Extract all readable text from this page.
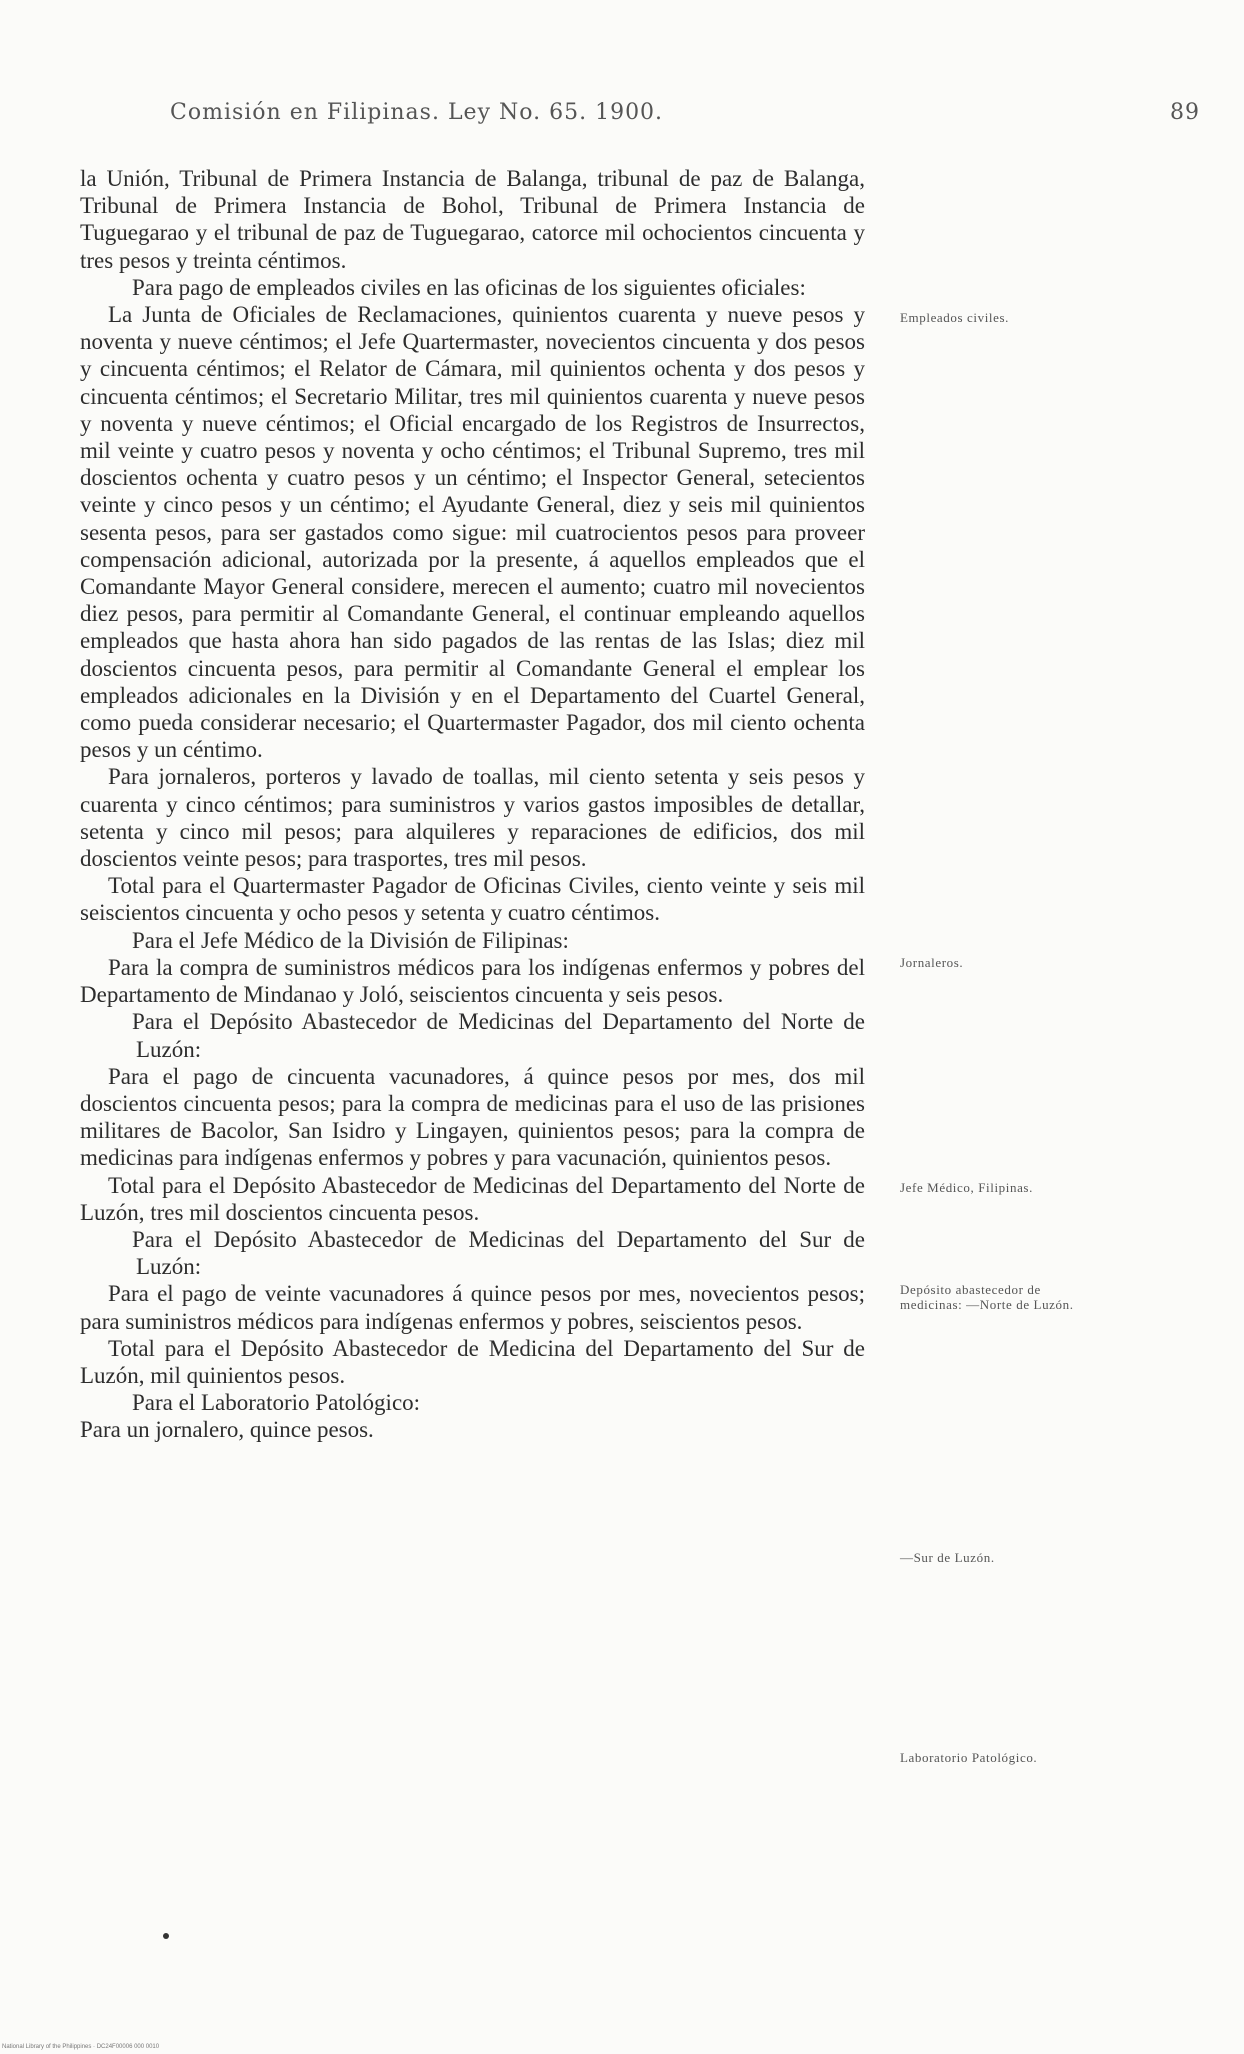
Comisión en Filipinas. Ley No. 65. 1900.	89

la Unión, Tribunal de Primera Instancia de Balanga, tribunal de paz de Balanga, Tribunal de Primera Instancia de Bohol, Tribunal de Primera Instancia de Tuguegarao y el tribunal de paz de Tuguegarao, catorce mil ochocientos cincuenta y tres pesos y treinta céntimos.

Para pago de empleados civiles en las oficinas de los siguientes oficiales:

La Junta de Oficiales de Reclamaciones, quinientos cuarenta y nueve pesos y noventa y nueve céntimos; el Jefe Quartermaster, novecientos cincuenta y dos pesos y cincuenta céntimos; el Relator de Cámara, mil quinientos ochenta y dos pesos y cincuenta céntimos; el Secretario Militar, tres mil quinientos cuarenta y nueve pesos y noventa y nueve céntimos; el Oficial encargado de los Registros de Insurrectos, mil veinte y cuatro pesos y noventa y ocho céntimos; el Tribunal Supremo, tres mil doscientos ochenta y cuatro pesos y un céntimo; el Inspector General, setecientos veinte y cinco pesos y un céntimo; el Ayudante General, diez y seis mil quinientos sesenta pesos, para ser gastados como sigue: mil cuatrocientos pesos para proveer compensación adicional, autorizada por la presente, á aquellos empleados que el Comandante Mayor General considere, merecen el aumento; cuatro mil novecientos diez pesos, para permitir al Comandante General, el continuar empleando aquellos empleados que hasta ahora han sido pagados de las rentas de las Islas; diez mil doscientos cincuenta pesos, para permitir al Comandante General el emplear los empleados adicionales en la División y en el Departamento del Cuartel General, como pueda considerar necesario; el Quartermaster Pagador, dos mil ciento ochenta pesos y un céntimo.

Para jornaleros, porteros y lavado de toallas, mil ciento setenta y seis pesos y cuarenta y cinco céntimos; para suministros y varios gastos imposibles de detallar, setenta y cinco mil pesos; para alquileres y reparaciones de edificios, dos mil doscientos veinte pesos; para trasportes, tres mil pesos.

Total para el Quartermaster Pagador de Oficinas Civiles, ciento veinte y seis mil seiscientos cincuenta y ocho pesos y setenta y cuatro céntimos.

Para el Jefe Médico de la División de Filipinas:

Para la compra de suministros médicos para los indígenas enfermos y pobres del Departamento de Mindanao y Joló, seiscientos cincuenta y seis pesos.

Para el Depósito Abastecedor de Medicinas del Departamento del Norte de Luzón:

Para el pago de cincuenta vacunadores, á quince pesos por mes, dos mil doscientos cincuenta pesos; para la compra de medicinas para el uso de las prisiones militares de Bacolor, San Isidro y Lingayen, quinientos pesos; para la compra de medicinas para indígenas enfermos y pobres y para vacunación, quinientos pesos.

Total para el Depósito Abastecedor de Medicinas del Departamento del Norte de Luzón, tres mil doscientos cincuenta pesos.

Para el Depósito Abastecedor de Medicinas del Departamento del Sur de Luzón:

Para el pago de veinte vacunadores á quince pesos por mes, novecientos pesos; para suministros médicos para indígenas enfermos y pobres, seiscientos pesos.

Total para el Depósito Abastecedor de Medicina del Departamento del Sur de Luzón, mil quinientos pesos.

Para el Laboratorio Patológico:

Para un jornalero, quince pesos.

Empleados civiles.
Jornaleros.
Jefe Médico, Filipinas.
Depósito abastecedor de medicinas: —Norte de Luzón.
—Sur de Luzón.
Laboratorio Patológico.
National Library of the Philippines · DC24F00006 000 0010
